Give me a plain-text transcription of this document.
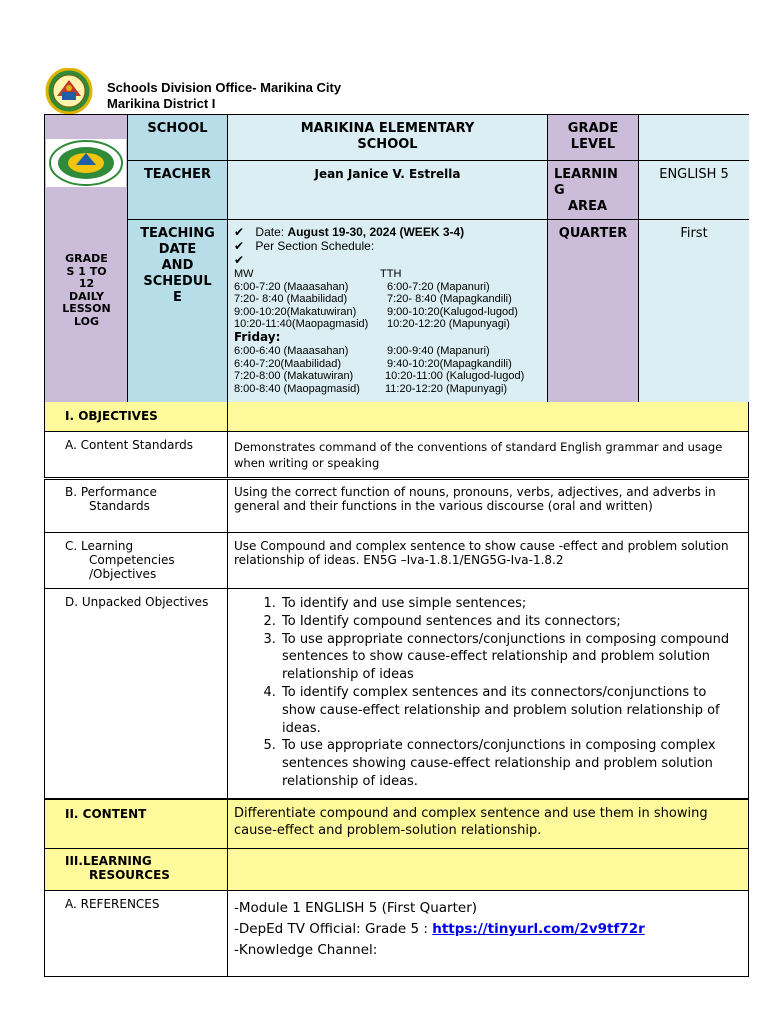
Schools Division Office- Marikina City
Marikina District I
GRADE
S 1 TO
12
DAILY
LESSON
LOG
SCHOOL	MARIKINA ELEMENTARY
SCHOOL
GRADE
LEVEL
TEACHER	Jean Janice V. Estrella	LEARNIN
G
AREA
ENGLISH 5
TEACHING
DATE
AND
SCHEDUL
E
✔ Date: August 19-30, 2024 (WEEK 3-4)
✔ Per Section Schedule:
✔
MW	TTH
6:00-7:20 (Maaasahan)	6:00-7:20 (Mapanuri)
7:20- 8:40 (Maabilidad)	7:20- 8:40 (Mapagkandili)
9:00-10:20(Makatuwiran)	9:00-10:20(Kalugod-lugod)
10:20-11:40(Maopagmasid) 10:20-12:20 (Mapunyagi)
Friday:
6:00-6:40 (Maaasahan)	9:00-9:40 (Mapanuri)
6:40-7:20(Maabilidad)	9:40-10:20(Mapagkandili)
7:20-8:00 (Makatuwiran)	10:20-11:00 (Kalugod-lugod)
8:00-8:40 (Maopagmasid) 11:20-12:20 (Mapunyagi)
QUARTER	First
I. OBJECTIVES
A. Content Standards	Demonstrates command of the conventions of standard English grammar and usage when writing or speaking
B. Performance
Standards
Using the correct function of nouns, pronouns, verbs, adjectives, and adverbs in general and their functions in the various discourse (oral and written)
C. Learning
Competencies
/Objectives
Use Compound and complex sentence to show cause -effect and problem solution relationship of ideas. EN5G –Iva-1.8.1/ENG5G-Iva-1.8.2
D. Unpacked Objectives
1.	To identify and use simple sentences;
2. To Identify compound sentences and its connectors;
3. To use appropriate connectors/conjunctions in composing compound sentences to show cause-effect relationship and problem solution relationship of ideas
4. To identify complex sentences and its connectors/conjunctions to show cause-effect relationship and problem solution relationship of ideas.
5. To use appropriate connectors/conjunctions in composing complex sentences showing cause-effect relationship and problem solution relationship of ideas.
II. CONTENT	Differentiate compound and complex sentence and use them in showing cause-effect and problem-solution relationship.
III.LEARNING
RESOURCES
A. REFERENCES	-Module 1 ENGLISH 5 (First Quarter)
-DepEd TV Official: Grade 5 : https://tinyurl.com/2v9tf72r
-Knowledge Channel:
